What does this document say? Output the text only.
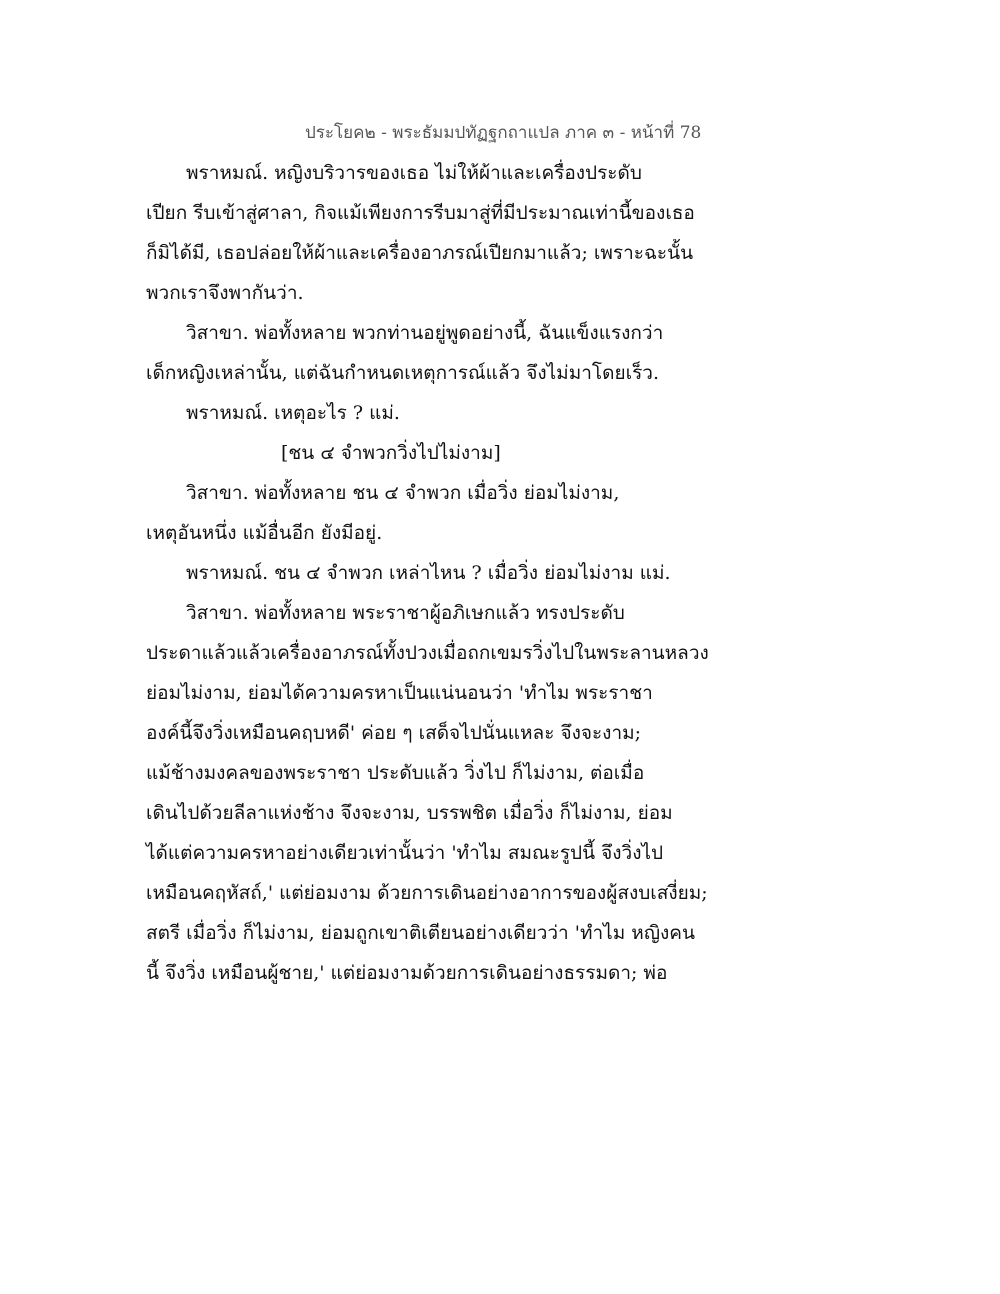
ประโยค๒ - พระธัมมปทัฏฐกถาแปล ภาค ๓ - หน้าที่ 78
พราหมณ์. หญิงบริวารของเธอ ไม่ให้ผ้าและเครื่องประดับ
เปียก รีบเข้าสู่ศาลา, กิจแม้เพียงการรีบมาสู่ที่มีประมาณเท่านี้ของเธอ
ก็มิได้มี, เธอปล่อยให้ผ้าและเครื่องอาภรณ์เปียกมาแล้ว; เพราะฉะนั้น
พวกเราจึงพากันว่า.
วิสาขา. พ่อทั้งหลาย พวกท่านอยู่พูดอย่างนี้, ฉันแข็งแรงกว่า
เด็กหญิงเหล่านั้น, แต่ฉันกำหนดเหตุการณ์แล้ว จึงไม่มาโดยเร็ว.
พราหมณ์. เหตุอะไร ? แม่.
[ชน ๔ จำพวกวิ่งไปไม่งาม]
วิสาขา. พ่อทั้งหลาย ชน ๔ จำพวก เมื่อวิ่ง ย่อมไม่งาม,
เหตุอันหนึ่ง แม้อื่นอีก ยังมีอยู่.
พราหมณ์. ชน ๔ จำพวก เหล่าไหน ? เมื่อวิ่ง ย่อมไม่งาม แม่.
วิสาขา. พ่อทั้งหลาย พระราชาผู้อภิเษกแล้ว ทรงประดับ
ประดาแล้วแล้วเครื่องอาภรณ์ทั้งปวงเมื่อถกเขมรวิ่งไปในพระลานหลวง
ย่อมไม่งาม, ย่อมได้ความครหาเป็นแน่นอนว่า 'ทำไม พระราชา
องค์นี้จึงวิ่งเหมือนคฤบหดี' ค่อย ๆ เสด็จไปนั่นแหละ จึงจะงาม;
แม้ช้างมงคลของพระราชา ประดับแล้ว วิ่งไป ก็ไม่งาม, ต่อเมื่อ
เดินไปด้วยลีลาแห่งช้าง จึงจะงาม, บรรพชิต เมื่อวิ่ง ก็ไม่งาม, ย่อม
ได้แต่ความครหาอย่างเดียวเท่านั้นว่า 'ทำไม สมณะรูปนี้ จึงวิ่งไป
เหมือนคฤหัสถ์,' แต่ย่อมงาม ด้วยการเดินอย่างอาการของผู้สงบเสงี่ยม;
สตรี เมื่อวิ่ง ก็ไม่งาม, ย่อมถูกเขาติเตียนอย่างเดียวว่า 'ทำไม หญิงคน
นี้ จึงวิ่ง เหมือนผู้ชาย,' แต่ย่อมงามด้วยการเดินอย่างธรรมดา; พ่อ
